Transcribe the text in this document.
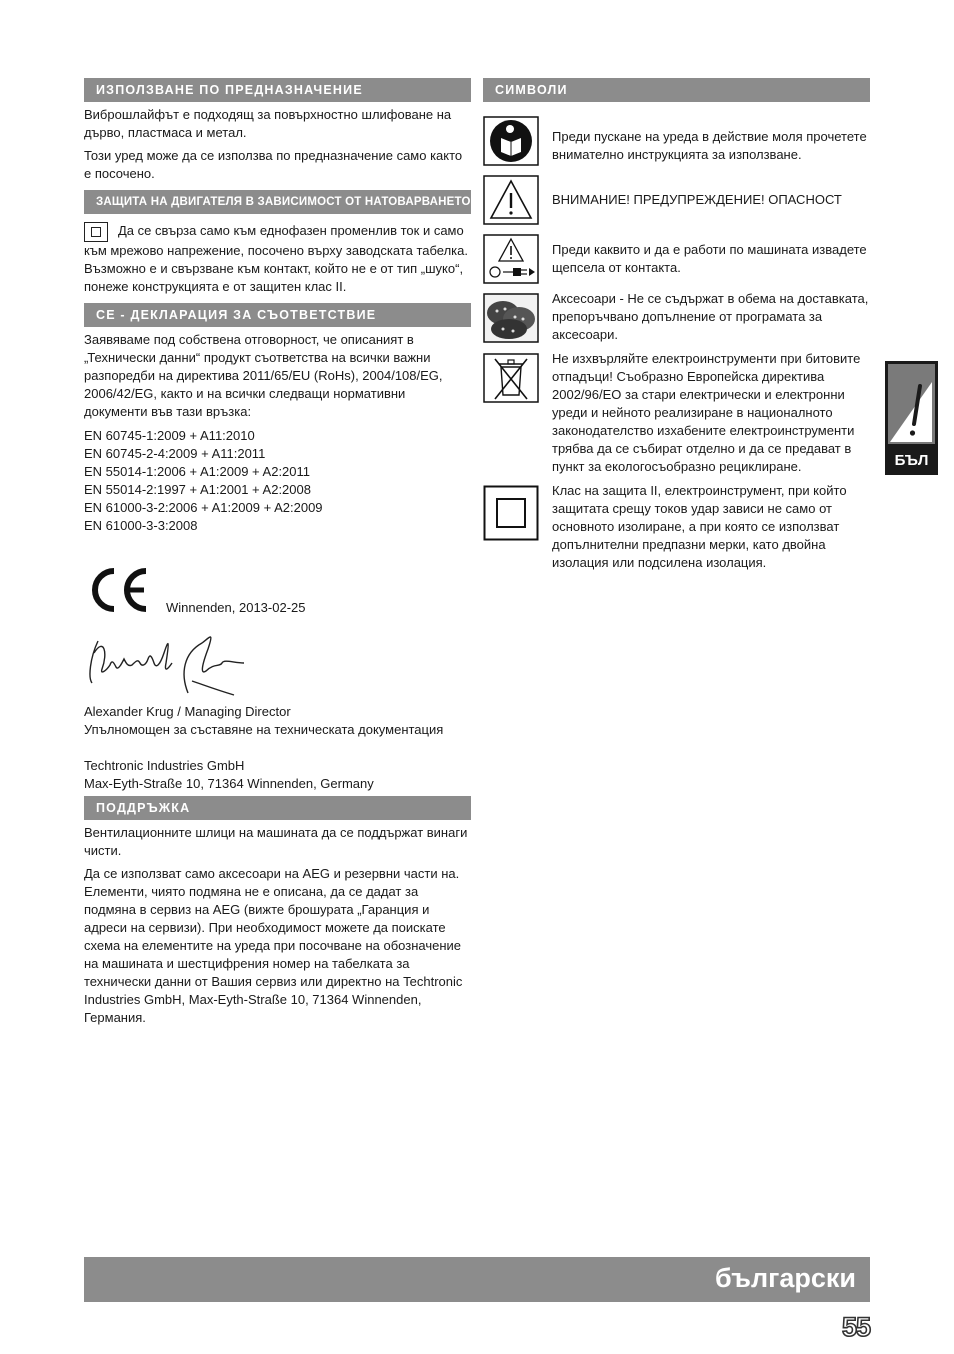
ИЗПОЛЗВАНЕ ПО ПРЕДНАЗНАЧЕНИЕ

Виброшлайфът е подходящ за повърхностно шлифоване на дърво, пластмаса и метал.

Този уред може да се използва по предназначение само както е посочено.

ЗАЩИТА НА ДВИГАТЕЛЯ В ЗАВИСИМОСТ ОТ НАТОВАРВАНЕТО

Да се свърза само към еднофазен променлив ток и само към мрежово напрежение, посочено върху заводската табелка. Възможно е и свързване към контакт, който не е от тип „шуко“, понеже конструкцията е от защитен клас II.

CE - ДЕКЛАРАЦИЯ ЗА СЪОТВЕТСТВИЕ

Заявяваме под собствена отговорност, че описаният в „Технически данни“ продукт съответства на всички важни разпоредби на директива 2011/65/EU (RoHs), 2004/108/EG, 2006/42/EG, както и на всички следващи нормативни документи във тази връзка:

EN 60745-1:2009 + A11:2010
EN 60745-2-4:2009 + A11:2011
EN 55014-1:2006 + A1:2009 + A2:2011
EN 55014-2:1997 + A1:2001 + A2:2008
EN 61000-3-2:2006 + A1:2009 + A2:2009
EN 61000-3-3:2008
Winnenden, 2013-02-25
Alexander Krug / Managing Director
Упълномощен за съставяне на техническата документация
Techtronic Industries GmbH
Max-Eyth-Straße 10, 71364 Winnenden, Germany
ПОДДРЪЖКА

Вентилационните шлици на машината да се поддържат винаги чисти.

Да се използват само аксесоари на AEG и резервни части на. Елементи, чиято подмяна не е описана, да се дадат за подмяна в сервиз на AEG (вижте брошурата „Гаранция и адреси на сервизи). При необходимост можете да поискате схема на елементите на уреда при посочване на обозначение на машината и шестцифрения номер на табелката за технически данни от Вашия сервиз или директно на Techtronic Industries GmbH, Max-Eyth-Straße 10, 71364 Winnenden, Германия.

СИМВОЛИ
Преди пускане на уреда в действие моля прочетете внимателно инструкцията за използване.
ВНИМАНИЕ! ПРЕДУПРЕЖДЕНИЕ! ОПАСНОСТ
Преди каквито и да е работи по машината извадете щепсела от контакта.
Аксесоари - Не се съдържат в обема на доставката, препоръчвано допълнение от програмата за аксесоари.
Не изхвърляйте електроинструменти при битовите отпадъци! Съобразно Европейска директива 2002/96/ЕО за стари електрически и електронни уреди и нейното реализиране в националното законодателство изхабените електроинструменти трябва да се събират отделно и да се предават в пункт за екологосъобразно рециклиране.
Клас на защита II, електроинструмент, при който защитата срещу токов удар зависи не само от основното изолиране, а при която се използват допълнителни предпазни мерки, като двойна изолация или подсилена изолация.
БЪЛ
български
55
